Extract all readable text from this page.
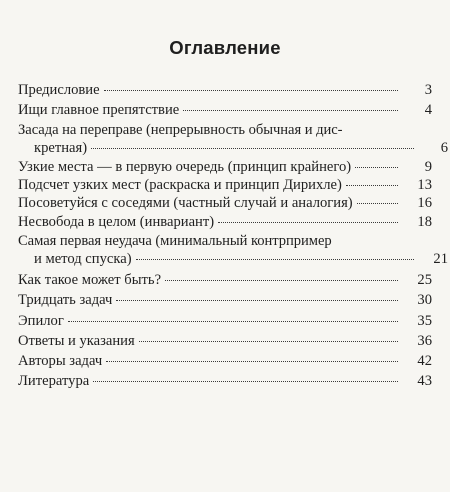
Оглавление
Предисловие	3
Ищи главное препятствие	4
Засада на переправе (непрерывность обычная и дис-
кретная)	6
Узкие места — в первую очередь (принцип крайнего)	9
Подсчет узких мест (раскраска и принцип Дирихле)	13
Посоветуйся с соседями (частный случай и аналогия)	16
Несвобода в целом (инвариант)	18
Самая первая неудача (минимальный контрпример
и метод спуска)	21
Как такое может быть?	25
Тридцать задач	30
Эпилог	35
Ответы и указания	36
Авторы задач	42
Литература	43
